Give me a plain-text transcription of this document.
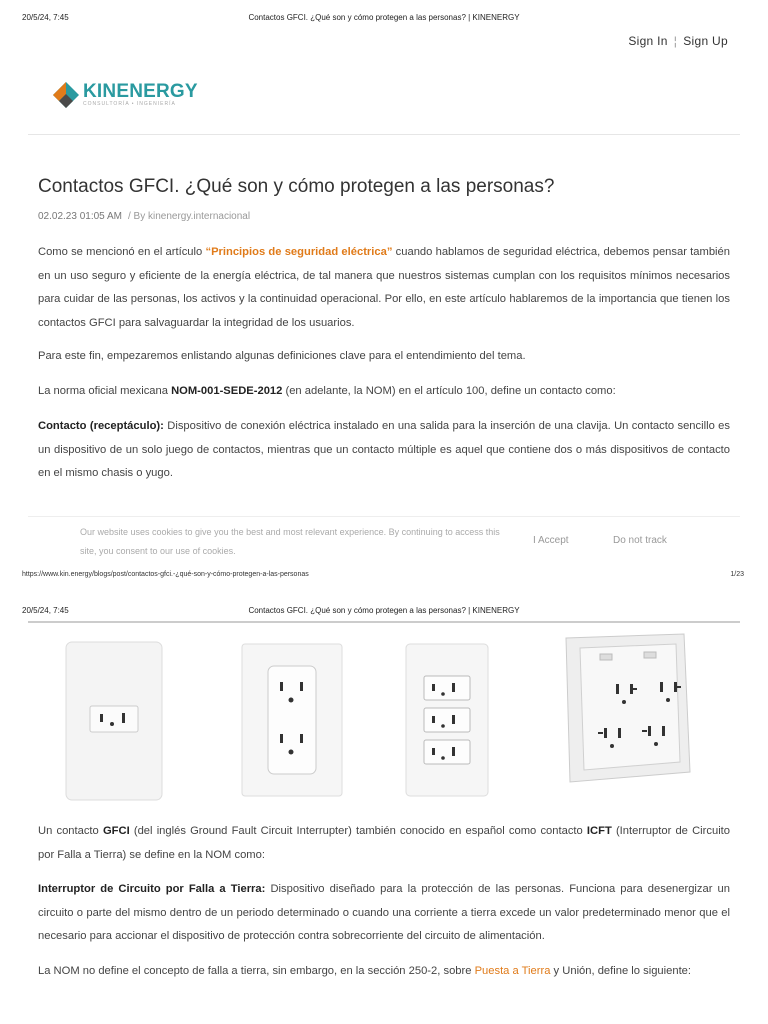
20/5/24, 7:45	Contactos GFCI. ¿Qué son y cómo protegen a las personas? | KINENERGY
Sign In ¦ Sign Up
KINENERGY
CONSULTORÍA • INGENIERÍA
Contactos GFCI. ¿Qué son y cómo protegen a las personas?
02.02.23 01:05 AM / By kinenergy.internacional
Como se mencionó en el artículo “Principios de seguridad eléctrica” cuando hablamos de seguridad eléctrica, debemos pensar también en un uso seguro y eficiente de la energía eléctrica, de tal manera que nuestros sistemas cumplan con los requisitos mínimos necesarios para cuidar de las personas, los activos y la continuidad operacional. Por ello, en este artículo hablaremos de la importancia que tienen los contactos GFCI para salvaguardar la integridad de los usuarios.
Para este fin, empezaremos enlistando algunas definiciones clave para el entendimiento del tema.
La norma oficial mexicana NOM-001-SEDE-2012 (en adelante, la NOM) en el artículo 100, define un contacto como:
Contacto (receptáculo): Dispositivo de conexión eléctrica instalado en una salida para la inserción de una clavija. Un contacto sencillo es un dispositivo de un solo juego de contactos, mientras que un contacto múltiple es aquel que contiene dos o más dispositivos de contacto en el mismo chasis o yugo.
Our website uses cookies to give you the best and most relevant experience. By continuing to access this site, you consent to our use of cookies.
I Accept	Do not track
https://www.kin.energy/blogs/post/contactos-gfci.-¿qué-son-y-cómo-protegen-a-las-personas	1/23
20/5/24, 7:45	Contactos GFCI. ¿Qué son y cómo protegen a las personas? | KINENERGY
Un contacto GFCI (del inglés Ground Fault Circuit Interrupter) también conocido en español como contacto ICFT (Interruptor de Circuito por Falla a Tierra) se define en la NOM como:
Interruptor de Circuito por Falla a Tierra: Dispositivo diseñado para la protección de las personas. Funciona para desenergizar un circuito o parte del mismo dentro de un periodo determinado o cuando una corriente a tierra excede un valor predeterminado menor que el necesario para accionar el dispositivo de protección contra sobrecorriente del circuito de alimentación.
La NOM no define el concepto de falla a tierra, sin embargo, en la sección 250-2, sobre Puesta a Tierra y Unión, define lo siguiente:
